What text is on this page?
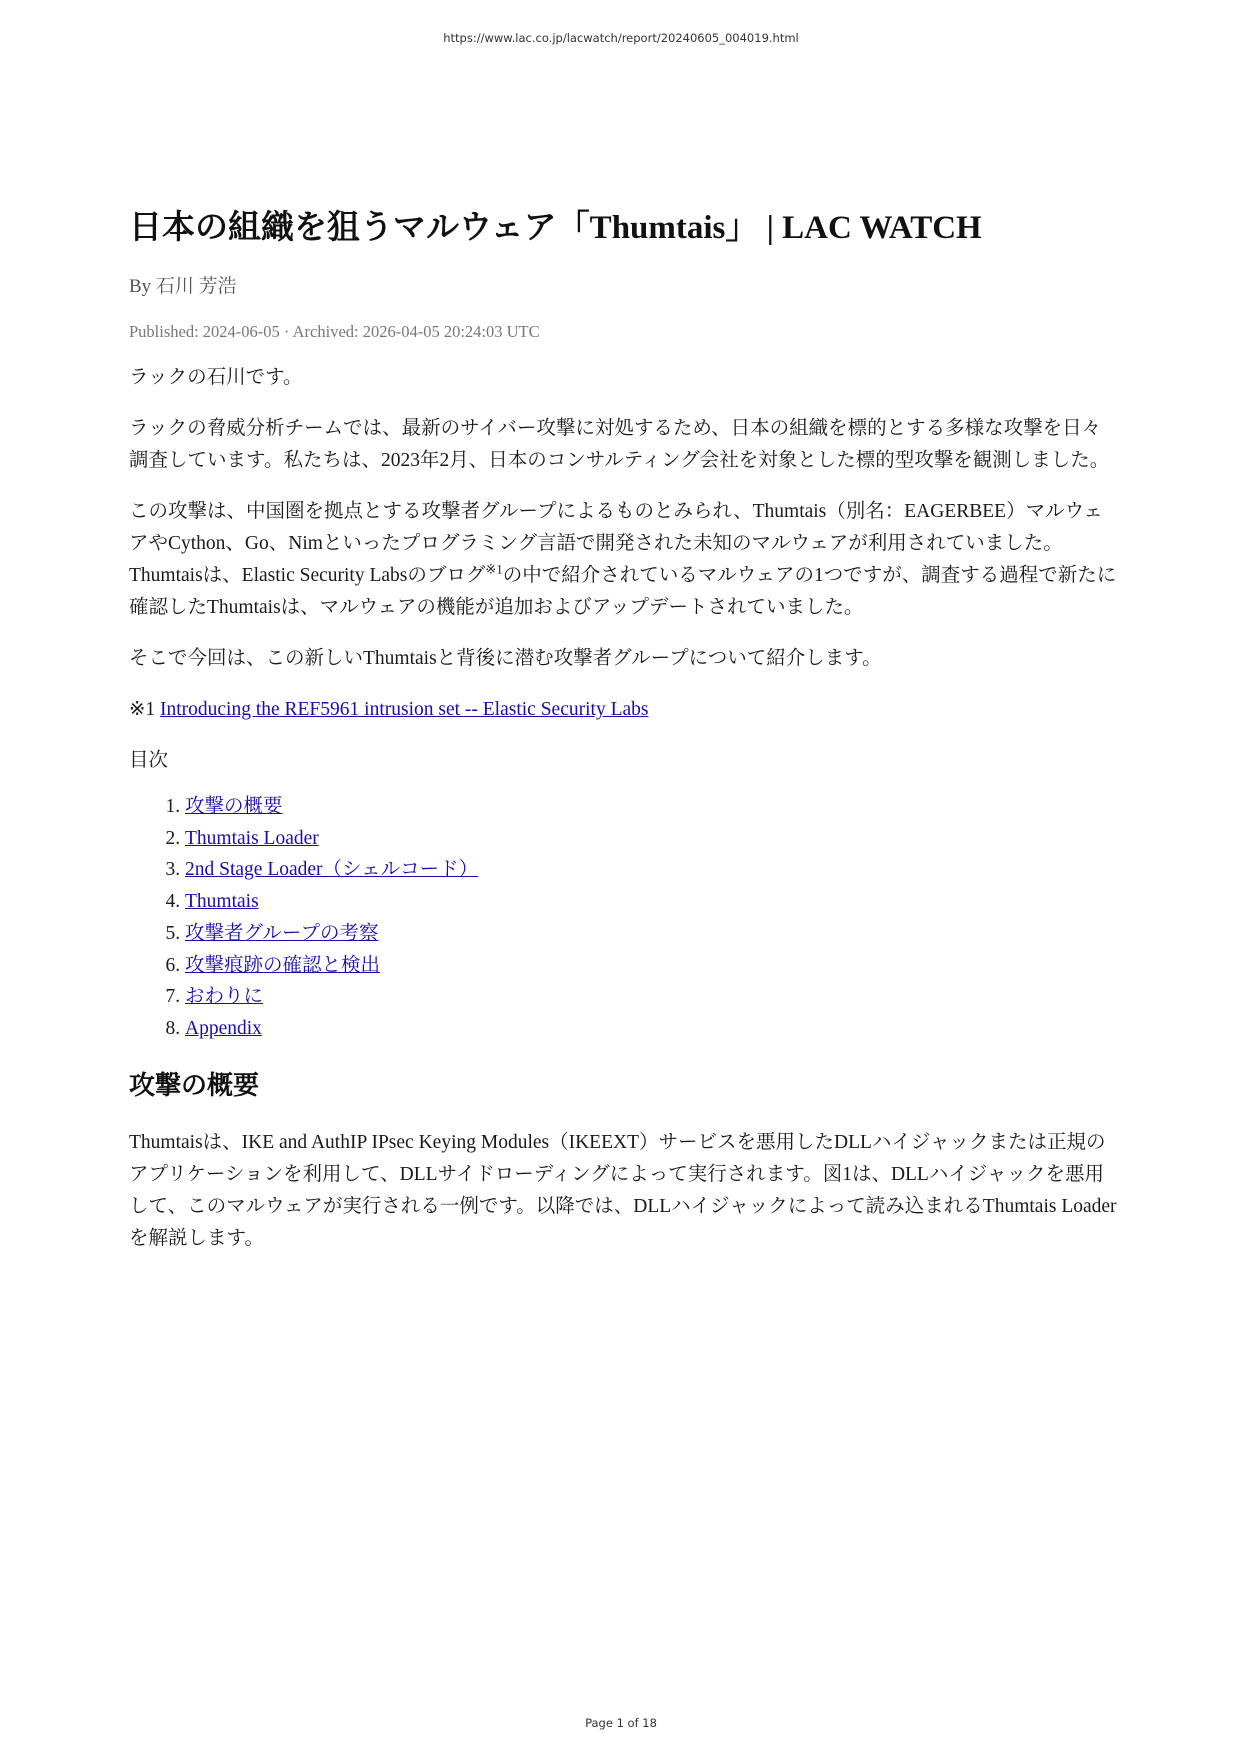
https://www.lac.co.jp/lacwatch/report/20240605_004019.html
日本の組織を狙うマルウェア「Thumtais」 | LAC WATCH
By 石川 芳浩
Published: 2024-06-05 · Archived: 2026-04-05 20:24:03 UTC

ラックの石川です。

ラックの脅威分析チームでは、最新のサイバー攻撃に対処するため、日本の組織を標的とする多様な攻撃を日々調査しています。私たちは、2023年2月、日本のコンサルティング会社を対象とした標的型攻撃を観測しました。

この攻撃は、中国圏を拠点とする攻撃者グループによるものとみられ、Thumtais（別名：EAGERBEE）マルウェアやCython、Go、Nimといったプログラミング言語で開発された未知のマルウェアが利用されていました。Thumtaisは、Elastic Security Labsのブログ$^{※1}$の中で紹介されているマルウェアの1つですが、調査する過程で新たに確認したThumtaisは、マルウェアの機能が追加およびアップデートされていました。

そこで今回は、この新しいThumtaisと背後に潜む攻撃者グループについて紹介します。

※1 Introducing the REF5961 intrusion set -- Elastic Security Labs
目次
1. 攻撃の概要
2. Thumtais Loader
3. 2nd Stage Loader（シェルコード）
4. Thumtais
5. 攻撃者グループの考察
6. 攻撃痕跡の確認と検出
7. おわりに
8. Appendix
攻撃の概要

Thumtaisは、IKE and AuthIP IPsec Keying Modules（IKEEXT）サービスを悪用したDLLハイジャックまたは正規のアプリケーションを利用して、DLLサイドローディングによって実行されます。図1は、DLLハイジャックを悪用して、このマルウェアが実行される一例です。以降では、DLLハイジャックによって読み込まれるThumtais Loaderを解説します。

Page 1 of 18
